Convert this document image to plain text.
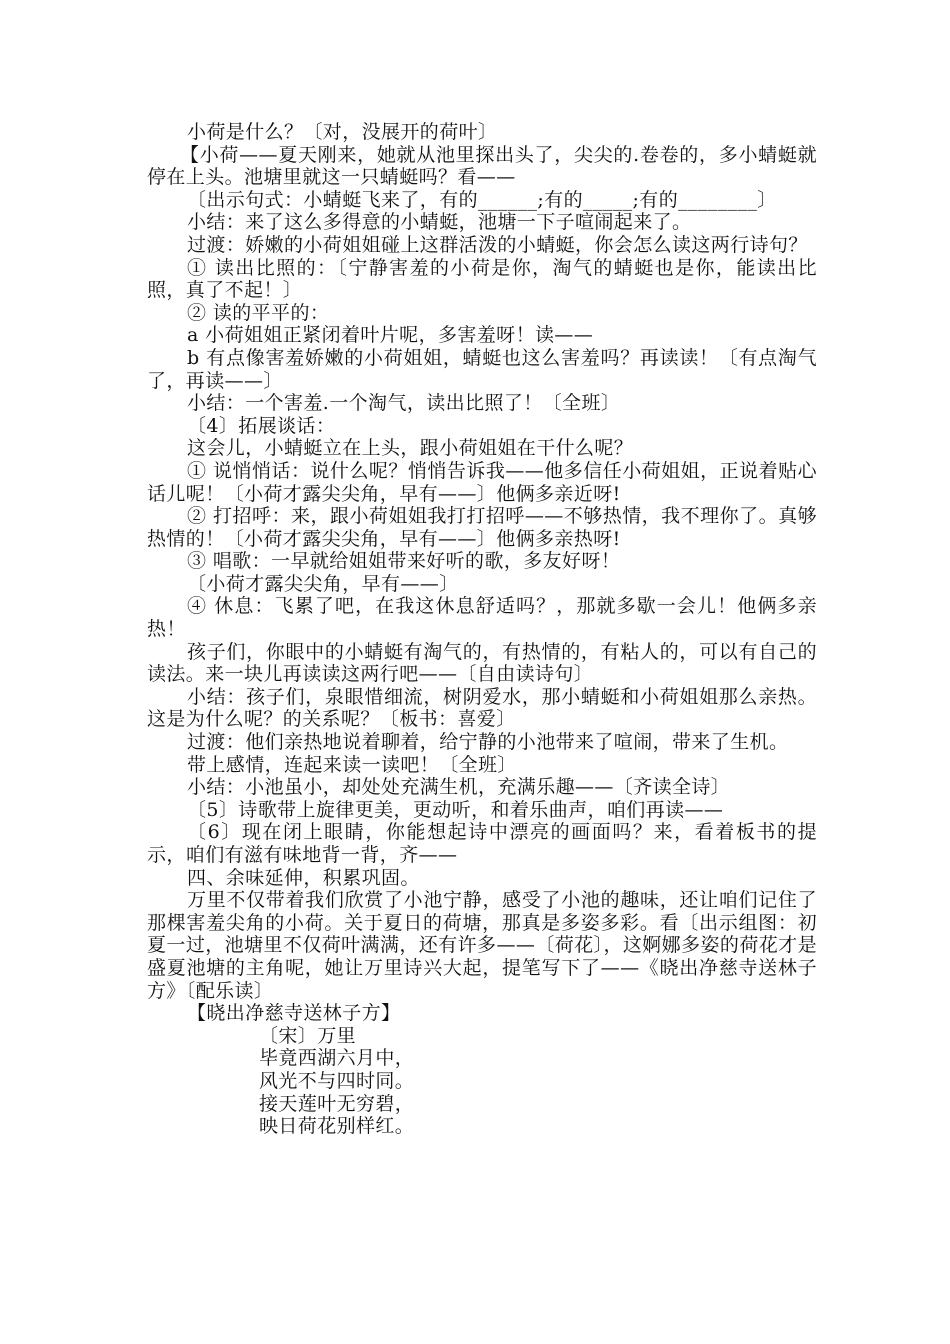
小荷是什么？〔对，没展开的荷叶〕

【小荷——夏天刚来，她就从池里探出头了，尖尖的.卷卷的，多小蜻蜓就停在上头。池塘里就这一只蜻蜓吗？看——

〔出示句式：小蜻蜓飞来了，有的______;有的_____;有的________〕

小结：来了这么多得意的小蜻蜓，池塘一下子喧闹起来了。

过渡：娇嫩的小荷姐姐碰上这群活泼的小蜻蜓，你会怎么读这两行诗句？

① 读出比照的：〔宁静害羞的小荷是你，淘气的蜻蜓也是你，能读出比照，真了不起！〕

② 读的平平的：

a 小荷姐姐正紧闭着叶片呢，多害羞呀！读——

b 有点像害羞娇嫩的小荷姐姐，蜻蜓也这么害羞吗？再读读！〔有点淘气了，再读——〕

小结：一个害羞.一个淘气，读出比照了！〔全班〕

〔4〕拓展谈话：

这会儿，小蜻蜓立在上头，跟小荷姐姐在干什么呢？

① 说悄悄话：说什么呢？悄悄告诉我——他多信任小荷姐姐，正说着贴心话儿呢！〔小荷才露尖尖角，早有——〕他俩多亲近呀!

② 打招呼：来，跟小荷姐姐我打打招呼——不够热情，我不理你了。真够热情的！〔小荷才露尖尖角，早有——〕他俩多亲热呀!

③ 唱歌：一早就给姐姐带来好听的歌，多友好呀！

〔小荷才露尖尖角，早有——〕

④ 休息：飞累了吧，在我这休息舒适吗？，那就多歇一会儿！他俩多亲热！

孩子们，你眼中的小蜻蜓有淘气的，有热情的，有粘人的，可以有自己的读法。来一块儿再读读这两行吧——〔自由读诗句〕

小结：孩子们，泉眼惜细流，树阴爱水，那小蜻蜓和小荷姐姐那么亲热。这是为什么呢？的关系呢？〔板书：喜爱〕

过渡：他们亲热地说着聊着，给宁静的小池带来了喧闹，带来了生机。

带上感情，连起来读一读吧！〔全班〕

小结：小池虽小，却处处充满生机，充满乐趣——〔齐读全诗〕

〔5〕诗歌带上旋律更美，更动听，和着乐曲声，咱们再读——

〔6〕现在闭上眼睛，你能想起诗中漂亮的画面吗？来，看着板书的提示，咱们有滋有味地背一背，齐——

四、余味延伸，积累巩固。

万里不仅带着我们欣赏了小池宁静，感受了小池的趣味，还让咱们记住了那棵害羞尖角的小荷。关于夏日的荷塘，那真是多姿多彩。看〔出示组图：初夏一过，池塘里不仅荷叶满满，还有许多——〔荷花〕，这婀娜多姿的荷花才是盛夏池塘的主角呢，她让万里诗兴大起，提笔写下了——《晓出净慈寺送林子方》〔配乐读〕

【晓出净慈寺送林子方】

〔宋〕万里

毕竟西湖六月中，

风光不与四时同。

接天莲叶无穷碧，

映日荷花别样红。
